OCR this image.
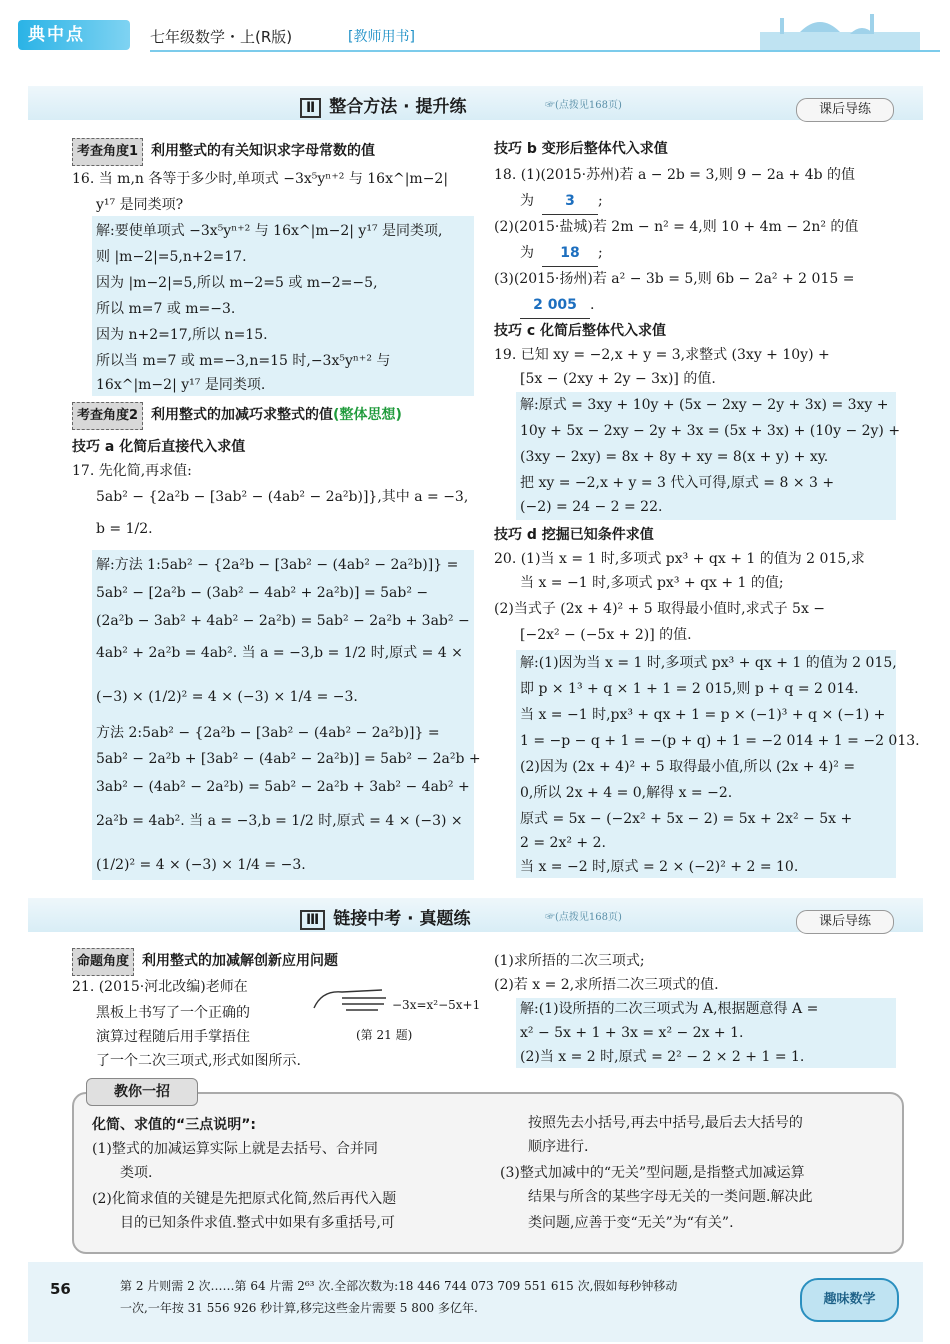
典中点	七年级数学・上(R版)	[教师用书]
Ⅱ 整合方法 · 提升练	☞(点拨见168页)	课后导练
考查角度1 利用整式的有关知识求字母常数的值
16. 当 m,n 各等于多少时,单项式 −3x⁵yⁿ⁺² 与 16x^|m−2|
y¹⁷ 是同类项?
解:要使单项式 −3x⁵yⁿ⁺² 与 16x^|m−2| y¹⁷ 是同类项,
则 |m−2|=5,n+2=17.
因为 |m−2|=5,所以 m−2=5 或 m−2=−5,
所以 m=7 或 m=−3.
因为 n+2=17,所以 n=15.
所以当 m=7 或 m=−3,n=15 时,−3x⁵yⁿ⁺² 与
16x^|m−2| y¹⁷ 是同类项.
考查角度2 利用整式的加减巧求整式的值(整体思想)
技巧 a 化简后直接代入求值
17. 先化简,再求值:
5ab² − {2a²b − [3ab² − (4ab² − 2a²b)]},其中 a = −3,
b = 1/2.
解:方法 1:5ab² − {2a²b − [3ab² − (4ab² − 2a²b)]} =
5ab² − [2a²b − (3ab² − 4ab² + 2a²b)] = 5ab² −
(2a²b − 3ab² + 4ab² − 2a²b) = 5ab² − 2a²b + 3ab² −
4ab² + 2a²b = 4ab². 当 a = −3,b = 1/2 时,原式 = 4 ×
(−3) × (1/2)² = 4 × (−3) × 1/4 = −3.
方法 2:5ab² − {2a²b − [3ab² − (4ab² − 2a²b)]} =
5ab² − 2a²b + [3ab² − (4ab² − 2a²b)] = 5ab² − 2a²b +
3ab² − (4ab² − 2a²b) = 5ab² − 2a²b + 3ab² − 4ab² +
2a²b = 4ab². 当 a = −3,b = 1/2 时,原式 = 4 × (−3) ×
(1/2)² = 4 × (−3) × 1/4 = −3.
技巧 b 变形后整体代入求值
18. (1)(2015·苏州)若 a − 2b = 3,则 9 − 2a + 4b 的值
为 3 ;
(2)(2015·盐城)若 2m − n² = 4,则 10 + 4m − 2n² 的值
为 18 ;
(3)(2015·扬州)若 a² − 3b = 5,则 6b − 2a² + 2 015 =
2 005 .
技巧 c 化简后整体代入求值
19. 已知 xy = −2,x + y = 3,求整式 (3xy + 10y) +
[5x − (2xy + 2y − 3x)] 的值.
解:原式 = 3xy + 10y + (5x − 2xy − 2y + 3x) = 3xy +
10y + 5x − 2xy − 2y + 3x = (5x + 3x) + (10y − 2y) +
(3xy − 2xy) = 8x + 8y + xy = 8(x + y) + xy.
把 xy = −2,x + y = 3 代入可得,原式 = 8 × 3 +
(−2) = 24 − 2 = 22.
技巧 d 挖掘已知条件求值
20. (1)当 x = 1 时,多项式 px³ + qx + 1 的值为 2 015,求
当 x = −1 时,多项式 px³ + qx + 1 的值;
(2)当式子 (2x + 4)² + 5 取得最小值时,求式子 5x −
[−2x² − (−5x + 2)] 的值.
解:(1)因为当 x = 1 时,多项式 px³ + qx + 1 的值为 2 015,
即 p × 1³ + q × 1 + 1 = 2 015,则 p + q = 2 014.
当 x = −1 时,px³ + qx + 1 = p × (−1)³ + q × (−1) +
1 = −p − q + 1 = −(p + q) + 1 = −2 014 + 1 = −2 013.
(2)因为 (2x + 4)² + 5 取得最小值,所以 (2x + 4)² =
0,所以 2x + 4 = 0,解得 x = −2.
原式 = 5x − (−2x² + 5x − 2) = 5x + 2x² − 5x +
2 = 2x² + 2.
当 x = −2 时,原式 = 2 × (−2)² + 2 = 10.
Ⅲ 链接中考 · 真题练	☞(点拨见168页)	课后导练
命题角度 利用整式的加减解创新应用问题
21. (2015·河北改编)老师在
黑板上书写了一个正确的
演算过程随后用手掌捂住
了一个二次三项式,形式如图所示.
−3x=x²−5x+1
(第 21 题)
(1)求所捂的二次三项式;
(2)若 x = 2,求所捂二次三项式的值.
解:(1)设所捂的二次三项式为 A,根据题意得 A =
x² − 5x + 1 + 3x = x² − 2x + 1.
(2)当 x = 2 时,原式 = 2² − 2 × 2 + 1 = 1.
教你一招
化简、求值的“三点说明”:
(1)整式的加减运算实际上就是去括号、合并同
类项.
(2)化简求值的关键是先把原式化简,然后再代入题
目的已知条件求值.整式中如果有多重括号,可
按照先去小括号,再去中括号,最后去大括号的
顺序进行.
(3)整式加减中的“无关”型问题,是指整式加减运算
结果与所含的某些字母无关的一类问题.解决此
类问题,应善于变“无关”为“有关”.
56	第 2 片则需 2 次……第 64 片需 2⁶³ 次.全部次数为:18 446 744 073 709 551 615 次,假如每秒钟移动
一次,一年按 31 556 926 秒计算,移完这些金片需要 5 800 多亿年.
趣味数学
